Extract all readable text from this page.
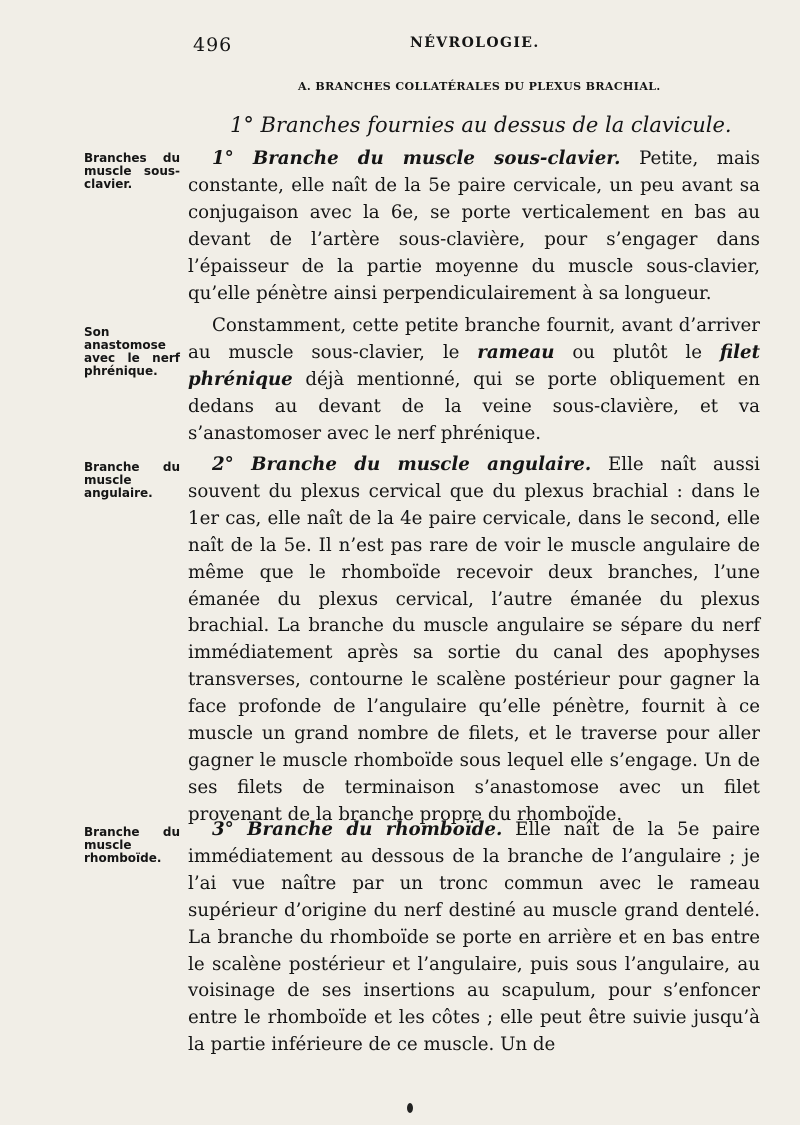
496	NÉVROLOGIE.
A. BRANCHES COLLATÉRALES DU PLEXUS BRACHIAL.
1° Branches fournies au dessus de la clavicule.
Branches du muscle sous-clavier.
Son anastomose avec le nerf phrénique.
Branche du muscle angulaire.
Branche du muscle rhomboïde.
1° Branche du muscle sous-clavier. Petite, mais constante, elle naît de la 5e paire cervicale, un peu avant sa conjugaison avec la 6e, se porte verticalement en bas au devant de l’artère sous-clavière, pour s’engager dans l’épaisseur de la partie moyenne du muscle sous-clavier, qu’elle pénètre ainsi perpendiculairement à sa longueur.
Constamment, cette petite branche fournit, avant d’arriver au muscle sous-clavier, le rameau ou plutôt le filet phrénique déjà mentionné, qui se porte obliquement en dedans au devant de la veine sous-clavière, et va s’anastomoser avec le nerf phrénique.
2° Branche du muscle angulaire. Elle naît aussi souvent du plexus cervical que du plexus brachial : dans le 1er cas, elle naît de la 4e paire cervicale, dans le second, elle naît de la 5e. Il n’est pas rare de voir le muscle angulaire de même que le rhomboïde recevoir deux branches, l’une émanée du plexus cervical, l’autre émanée du plexus brachial. La branche du muscle angulaire se sépare du nerf immédiatement après sa sortie du canal des apophyses transverses, contourne le scalène postérieur pour gagner la face profonde de l’angulaire qu’elle pénètre, fournit à ce muscle un grand nombre de filets, et le traverse pour aller gagner le muscle rhomboïde sous lequel elle s’engage. Un de ses filets de terminaison s’anastomose avec un filet provenant de la branche propre du rhomboïde.
3° Branche du rhomboïde. Elle naît de la 5e paire immédiatement au dessous de la branche de l’angulaire ; je l’ai vue naître par un tronc commun avec le rameau supérieur d’origine du nerf destiné au muscle grand dentelé. La branche du rhomboïde se porte en arrière et en bas entre le scalène postérieur et l’angulaire, puis sous l’angulaire, au voisinage de ses insertions au scapulum, pour s’enfoncer entre le rhomboïde et les côtes ; elle peut être suivie jusqu’à la partie inférieure de ce muscle. Un de
